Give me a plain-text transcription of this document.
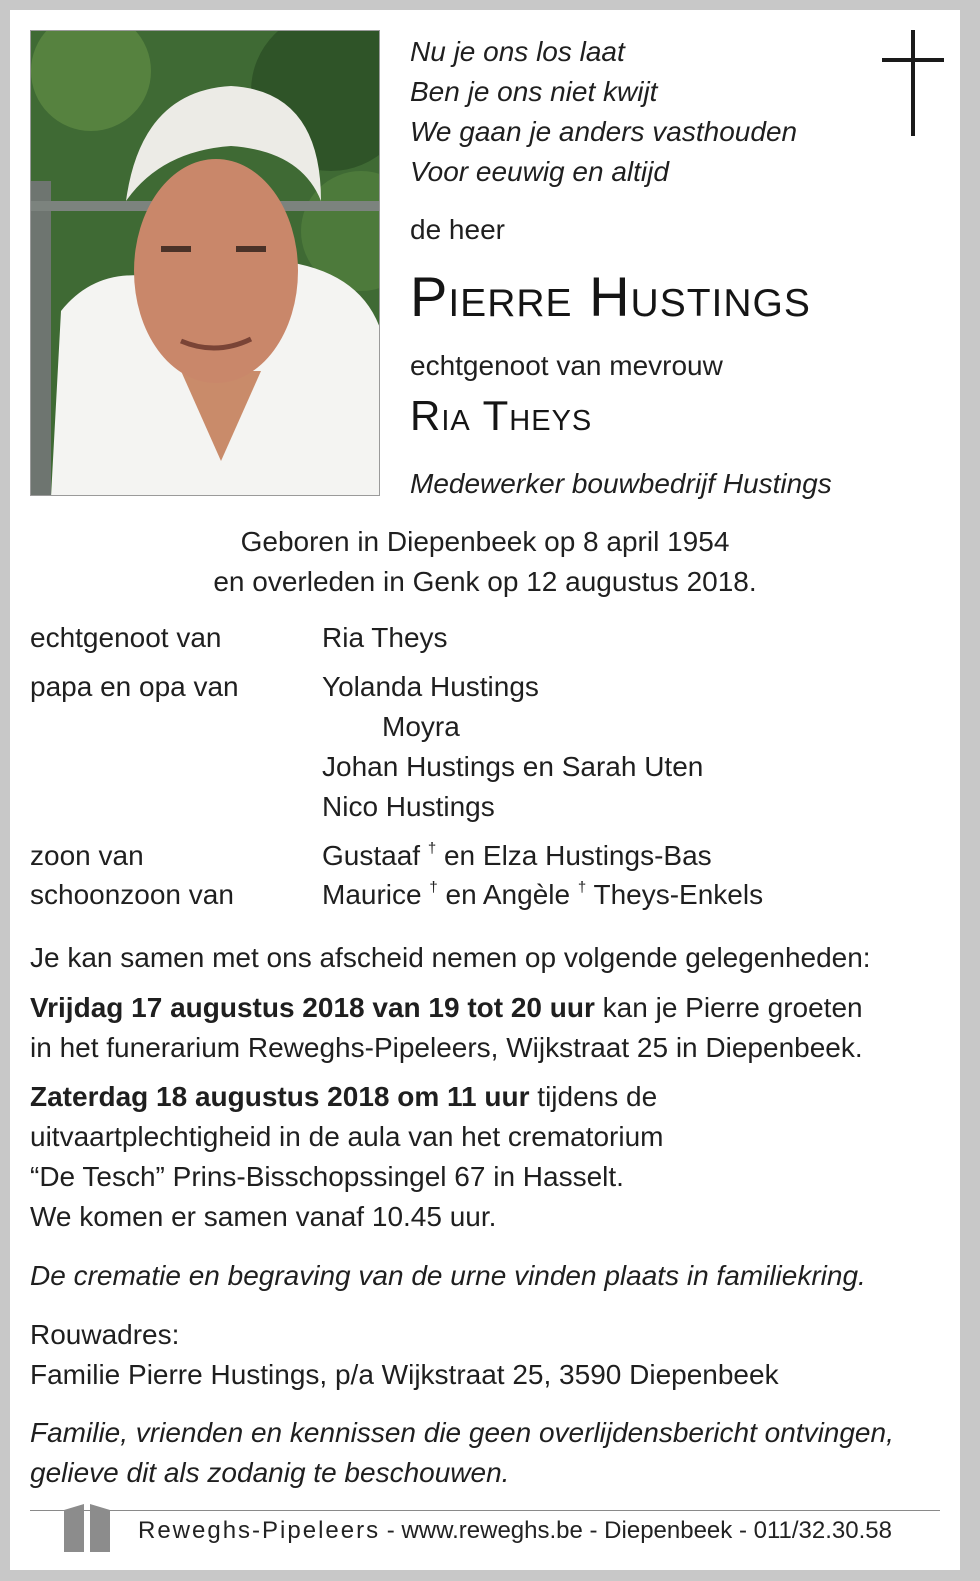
Nu je ons los laat
Ben je ons niet kwijt
We gaan je anders vasthouden
Voor eeuwig en altijd
de heer
Pierre Hustings
echtgenoot van mevrouw
Ria Theys
Medewerker bouwbedrijf Hustings
Geboren in Diepenbeek op 8 april 1954
en overleden in Genk op 12 augustus 2018.
echtgenoot van	Ria Theys
papa en opa van	Yolanda Hustings
Moyra
Johan Hustings en Sarah Uten
Nico Hustings
zoon van	Gustaaf † en Elza Hustings-Bas
schoonzoon van	Maurice † en Angèle † Theys-Enkels
Je kan samen met ons afscheid nemen op volgende gelegenheden:
Vrijdag 17 augustus 2018 van 19 tot 20 uur kan je Pierre groeten
in het funerarium Reweghs-Pipeleers, Wijkstraat 25 in Diepenbeek.
Zaterdag 18 augustus 2018 om 11 uur tijdens de
uitvaartplechtigheid in de aula van het crematorium
“De Tesch” Prins-Bisschopssingel 67 in Hasselt.
We komen er samen vanaf 10.45 uur.
De crematie en begraving van de urne vinden plaats in familiekring.
Rouwadres:
Familie Pierre Hustings, p/a Wijkstraat 25, 3590 Diepenbeek
Familie, vrienden en kennissen die geen overlijdensbericht ontvingen,
gelieve dit als zodanig te beschouwen.
Reweghs-Pipeleers - www.reweghs.be - Diepenbeek - 011/32.30.58
